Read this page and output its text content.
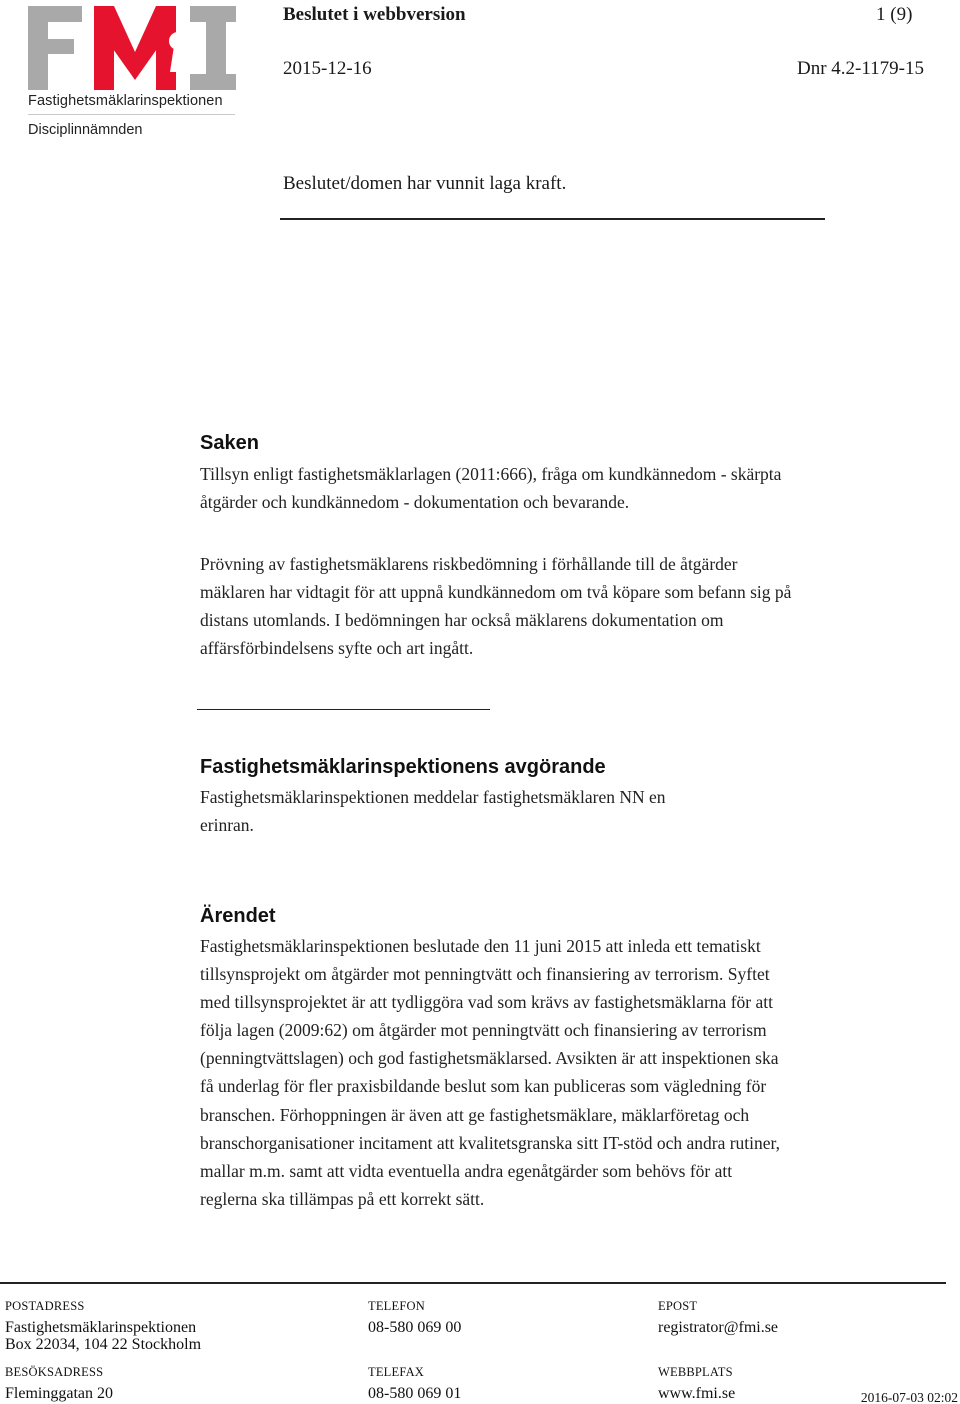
Fastighetsmäklarinspektionen
Disciplinnämnden
Beslutet i webbversion	1 (9)
2015-12-16	Dnr 4.2-1179-15
Beslutet/domen har vunnit laga kraft.
Saken
Tillsyn enligt fastighetsmäklarlagen (2011:666), fråga om kundkännedom - skärpta åtgärder och kundkännedom - dokumentation och bevarande.
Prövning av fastighetsmäklarens riskbedömning i förhållande till de åtgärder mäklaren har vidtagit för att uppnå kundkännedom om två köpare som befann sig på distans utomlands. I bedömningen har också mäklarens dokumentation om affärsförbindelsens syfte och art ingått.
Fastighetsmäklarinspektionens avgörande
Fastighetsmäklarinspektionen meddelar fastighetsmäklaren NN en erinran.
Ärendet
Fastighetsmäklarinspektionen beslutade den 11 juni 2015 att inleda ett tematiskt tillsynsprojekt om åtgärder mot penningtvätt och finansiering av terrorism. Syftet med tillsynsprojektet är att tydliggöra vad som krävs av fastighetsmäklarna för att följa lagen (2009:62) om åtgärder mot penningtvätt och finansiering av terrorism (penningtvättslagen) och god fastighetsmäklarsed. Avsikten är att inspektionen ska få underlag för fler praxisbildande beslut som kan publiceras som vägledning för branschen. Förhoppningen är även att ge fastighetsmäklare, mäklarföretag och branschorganisationer incitament att kvalitetsgranska sitt IT-stöd och andra rutiner, mallar m.m. samt att vidta eventuella andra egenåtgärder som behövs för att reglerna ska tillämpas på ett korrekt sätt.
POSTADRESS
Fastighetsmäklarinspektionen
Box 22034, 104 22 Stockholm
TELEFON
08-580 069 00
EPOST
registrator@fmi.se
BESÖKSADRESS
Fleminggatan 20
TELEFAX
08-580 069 01
WEBBPLATS
www.fmi.se	2016-07-03 02:02
